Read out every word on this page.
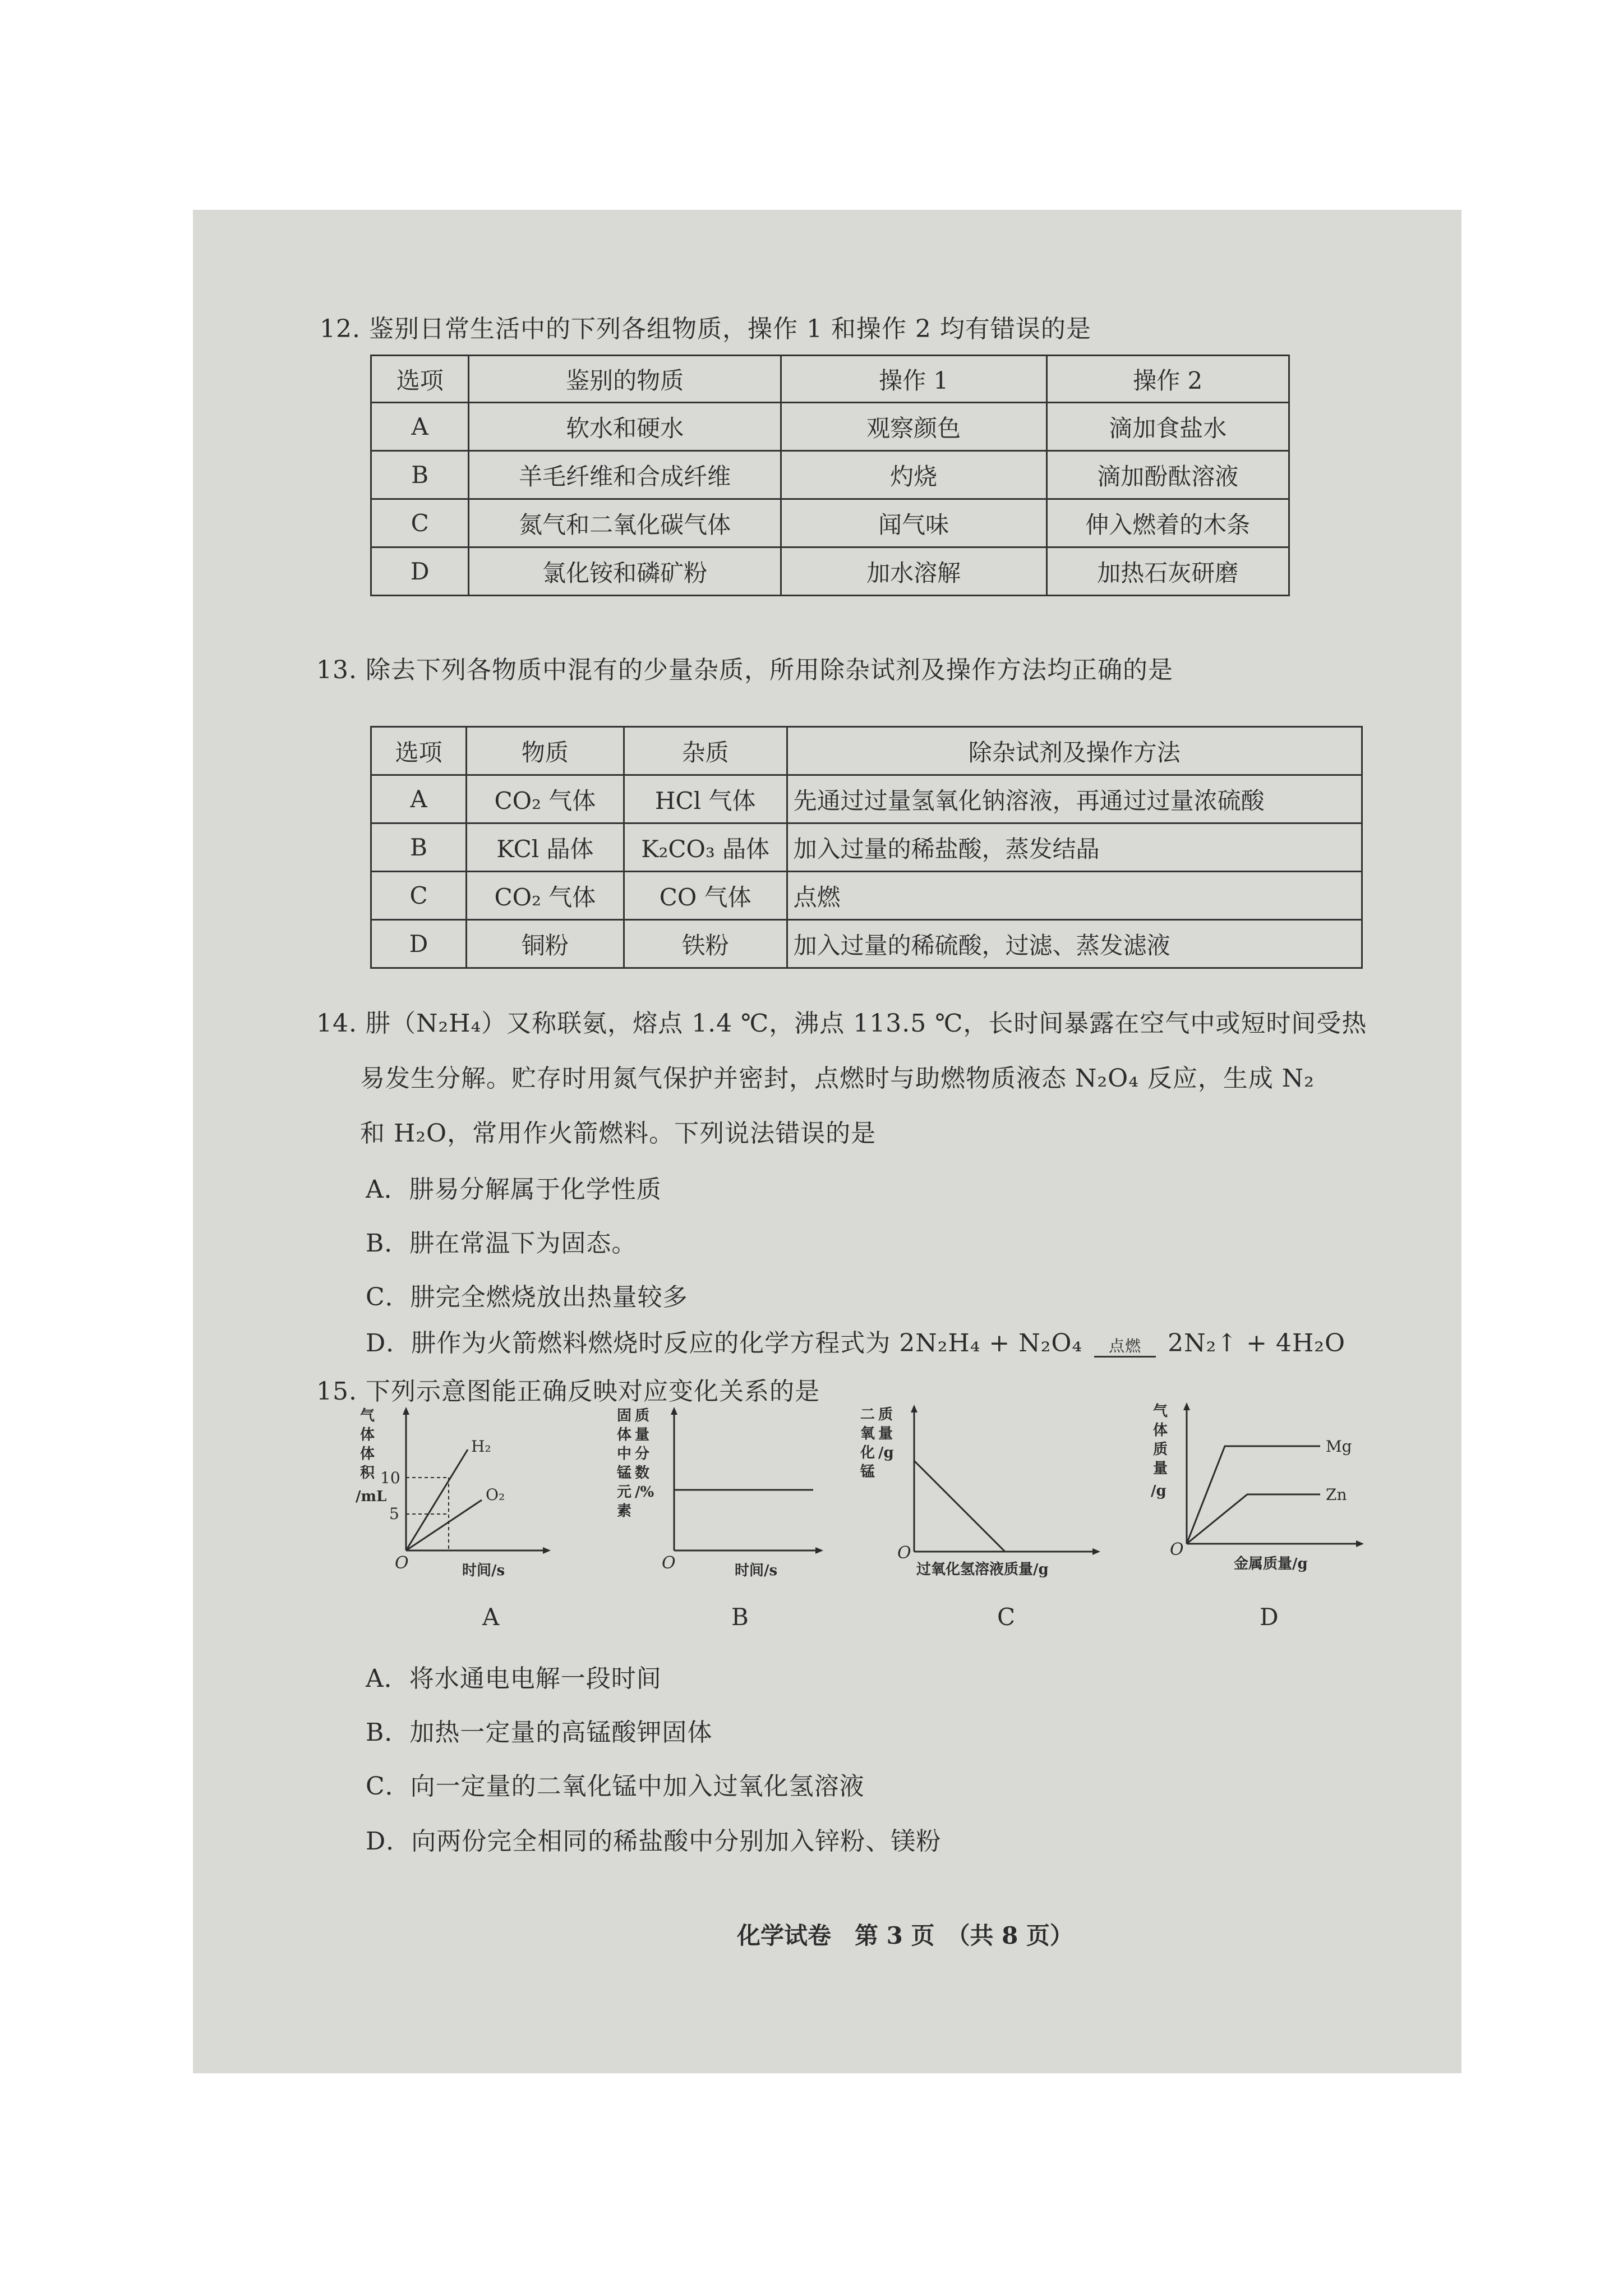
12. 鉴别日常生活中的下列各组物质，操作 1 和操作 2 均有错误的是
选项	鉴别的物质	操作 1	操作 2
A	软水和硬水	观察颜色	滴加食盐水
B	羊毛纤维和合成纤维	灼烧	滴加酚酞溶液
C	氮气和二氧化碳气体	闻气味	伸入燃着的木条
D	氯化铵和磷矿粉	加水溶解	加热石灰研磨
13. 除去下列各物质中混有的少量杂质，所用除杂试剂及操作方法均正确的是
选项	物质	杂质	除杂试剂及操作方法
A	CO₂ 气体	HCl 气体	先通过过量氢氧化钠溶液，再通过过量浓硫酸
B	KCl 晶体	K₂CO₃ 晶体	加入过量的稀盐酸，蒸发结晶
C	CO₂ 气体	CO 气体	点燃
D	铜粉	铁粉	加入过量的稀硫酸，过滤、蒸发滤液
14. 肼（N₂H₄）又称联氨，熔点 1.4 ℃，沸点 113.5 ℃，长时间暴露在空气中或短时间受热
易发生分解。贮存时用氮气保护并密封，点燃时与助燃物质液态 N₂O₄ 反应，生成 N₂
和 H₂O，常用作火箭燃料。下列说法错误的是
A．肼易分解属于化学性质
B．肼在常温下为固态。
C．肼完全燃烧放出热量较多
D．肼作为火箭燃料燃烧时反应的化学方程式为 2N₂H₄ + N₂O₄	点燃	2N₂↑ + 4H₂O
15. 下列示意图能正确反映对应变化关系的是
气
体
体
积
/mL
10
5
O
H₂
O₂
时间/s
A
固
体
中
锰
元
素
质
量
分
数
/%
O	时间/s
B
二
氧
化
锰
质
量
/g
O
过氧化氢溶液质量/g
C
气
体
质
量
/g
Mg
Zn
O
金属质量/g
D
A．将水通电电解一段时间
B．加热一定量的高锰酸钾固体
C．向一定量的二氧化锰中加入过氧化氢溶液
D．向两份完全相同的稀盐酸中分别加入锌粉、镁粉
化学试卷　第 3 页　（共 8 页）
